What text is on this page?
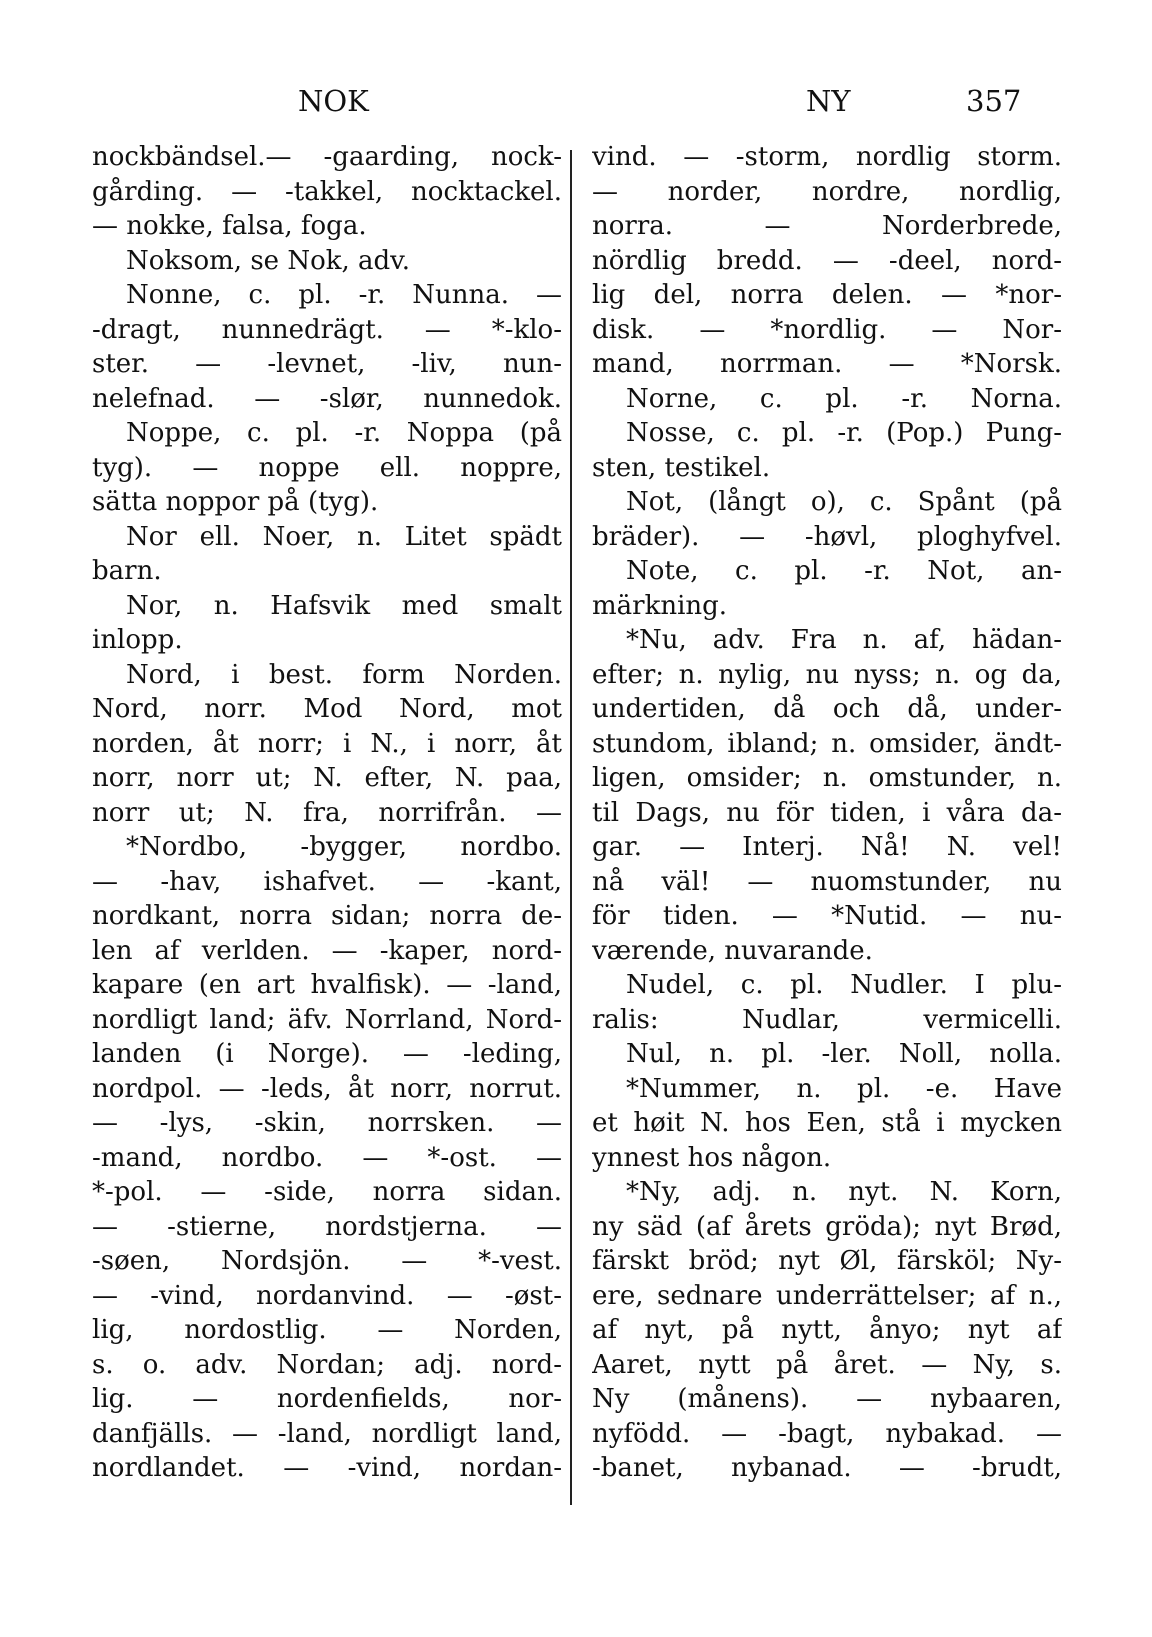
NOK	NY	357
nockbändsel.— -gaarding, nock-
gårding. — -takkel, nocktackel.
— nokke, falsa, foga.
Noksom, se Nok, adv.
Nonne, c. pl. -r. Nunna. —
-dragt, nunnedrägt. — *-klo-
ster. — -levnet, -liv, nun-
nelefnad. — -slør, nunnedok.
Noppe, c. pl. -r. Noppa (på
tyg). — noppe ell. noppre,
sätta noppor på (tyg).
Nor ell. Noer, n. Litet spädt
barn.
Nor, n. Hafsvik med smalt
inlopp.
Nord, i best. form Norden.
Nord, norr. Mod Nord, mot
norden, åt norr; i N., i norr, åt
norr, norr ut; N. efter, N. paa,
norr ut; N. fra, norrifrån. —
*Nordbo, -bygger, nordbo.
— -hav, ishafvet. — -kant,
nordkant, norra sidan; norra de-
len af verlden. — -kaper, nord-
kapare (en art hvalfisk). — -land,
nordligt land; äfv. Norrland, Nord-
landen (i Norge). — -leding,
nordpol. — -leds, åt norr, norrut.
— -lys, -skin, norrsken. —
-mand, nordbo. — *-ost. —
*-pol. — -side, norra sidan.
— -stierne, nordstjerna. —
-søen, Nordsjön. — *-vest.
— -vind, nordanvind. — -øst-
lig, nordostlig. — Norden,
s. o. adv. Nordan; adj. nord-
lig. — nordenfields, nor-
danfjälls. — -land, nordligt land,
nordlandet. — -vind, nordan-
vind. — -storm, nordlig storm.
— norder, nordre, nordlig,
norra. — Norderbrede,
nördlig bredd. — -deel, nord-
lig del, norra delen. — *nor-
disk. — *nordlig. — Nor-
mand, norrman. — *Norsk.
Norne, c. pl. -r. Norna.
Nosse, c. pl. -r. (Pop.) Pung-
sten, testikel.
Not, (långt o), c. Spånt (på
bräder). — -høvl, ploghyfvel.
Note, c. pl. -r. Not, an-
märkning.
*Nu, adv. Fra n. af, hädan-
efter; n. nylig, nu nyss; n. og da,
undertiden, då och då, under-
stundom, ibland; n. omsider, ändt-
ligen, omsider; n. omstunder, n.
til Dags, nu för tiden, i våra da-
gar. — Interj. Nå! N. vel!
nå väl! — nuomstunder, nu
för tiden. — *Nutid. — nu-
værende, nuvarande.
Nudel, c. pl. Nudler. I plu-
ralis: Nudlar, vermicelli.
Nul, n. pl. -ler. Noll, nolla.
*Nummer, n. pl. -e. Have
et høit N. hos Een, stå i mycken
ynnest hos någon.
*Ny, adj. n. nyt. N. Korn,
ny säd (af årets gröda); nyt Brød,
färskt bröd; nyt Øl, färsköl; Ny-
ere, sednare underrättelser; af n.,
af nyt, på nytt, ånyo; nyt af
Aaret, nytt på året. — Ny, s.
Ny (månens). — nybaaren,
nyfödd. — -bagt, nybakad. —
-banet, nybanad. — -brudt,
